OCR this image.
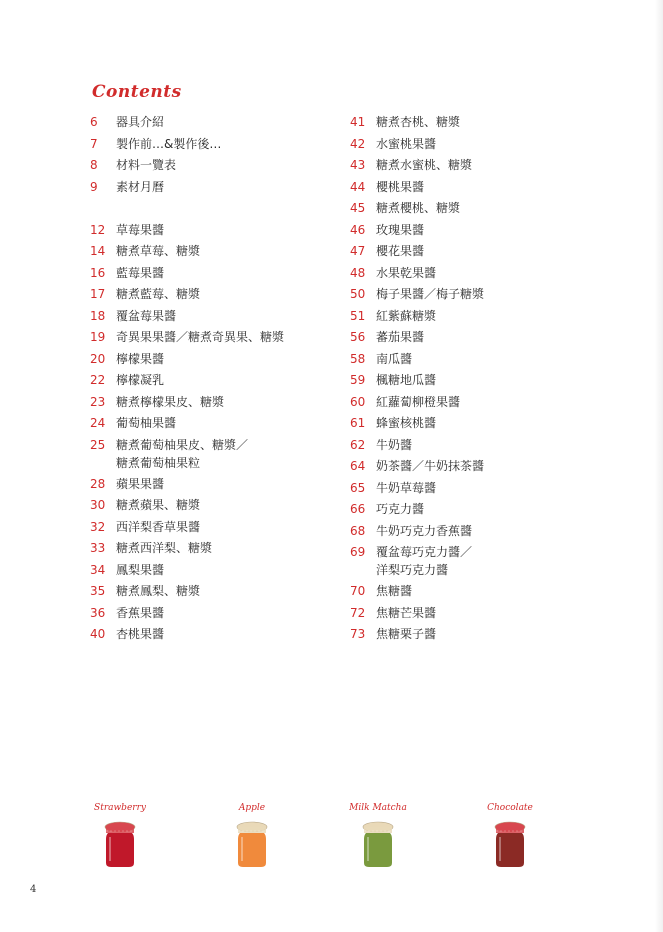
Contents
6	器具介紹
7	製作前…&製作後…
8	材料一覽表
9	素材月曆
12 草莓果醬
14 糖煮草莓、糖漿
16 藍莓果醬
17 糖煮藍莓、糖漿
18 覆盆莓果醬
19 奇異果果醬／糖煮奇異果、糖漿
20 檸檬果醬
22 檸檬凝乳
23 糖煮檸檬果皮、糖漿
24 葡萄柚果醬
25 糖煮葡萄柚果皮、糖漿／
糖煮葡萄柚果粒
28 蘋果果醬
30 糖煮蘋果、糖漿
32 西洋梨香草果醬
33 糖煮西洋梨、糖漿
34 鳳梨果醬
35 糖煮鳳梨、糖漿
36 香蕉果醬
40 杏桃果醬
41 糖煮杏桃、糖漿
42 水蜜桃果醬
43 糖煮水蜜桃、糖漿
44 櫻桃果醬
45 糖煮櫻桃、糖漿
46 玫瑰果醬
47 櫻花果醬
48 水果乾果醬
50 梅子果醬／梅子糖漿
51 紅紫蘇糖漿
56 蕃茄果醬
58 南瓜醬
59 楓糖地瓜醬
60 紅蘿蔔柳橙果醬
61 蜂蜜核桃醬
62 牛奶醬
64 奶茶醬／牛奶抹茶醬
65 牛奶草莓醬
66 巧克力醬
68 牛奶巧克力香蕉醬
69 覆盆莓巧克力醬／
洋梨巧克力醬
70 焦糖醬
72 焦糖芒果醬
73 焦糖栗子醬
Strawberry	Apple	Milk Matcha	Chocolate
4
